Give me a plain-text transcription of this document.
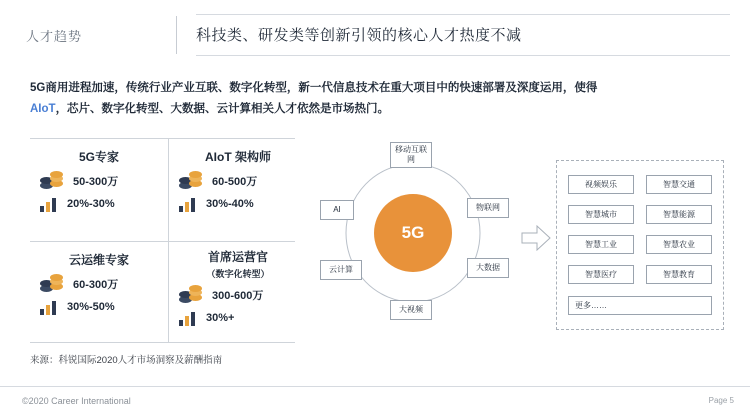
人才趋势	科技类、研发类等创新引领的核心人才热度不减
5G商用进程加速，传统行业产业互联、数字化转型，新一代信息技术在重大项目中的快速部署及深度运用，使得
AIoT，芯片、数字化转型、大数据、云计算相关人才依然是市场热门。
5G专家
50-300万
20%-30%
AIoT 架构师
60-500万
30%-40%
云运维专家
60-300万
30%-50%
首席运营官
（数字化转型）
300-600万
30%+
来源：科锐国际2020人才市场洞察及薪酬指南
5G
移动互联网
AI	物联网
云计算	大数据
大视频
视频娱乐	智慧交通
智慧城市	智慧能源
智慧工业	智慧农业
智慧医疗	智慧教育
更多……
©2020 Career International	Page 5
